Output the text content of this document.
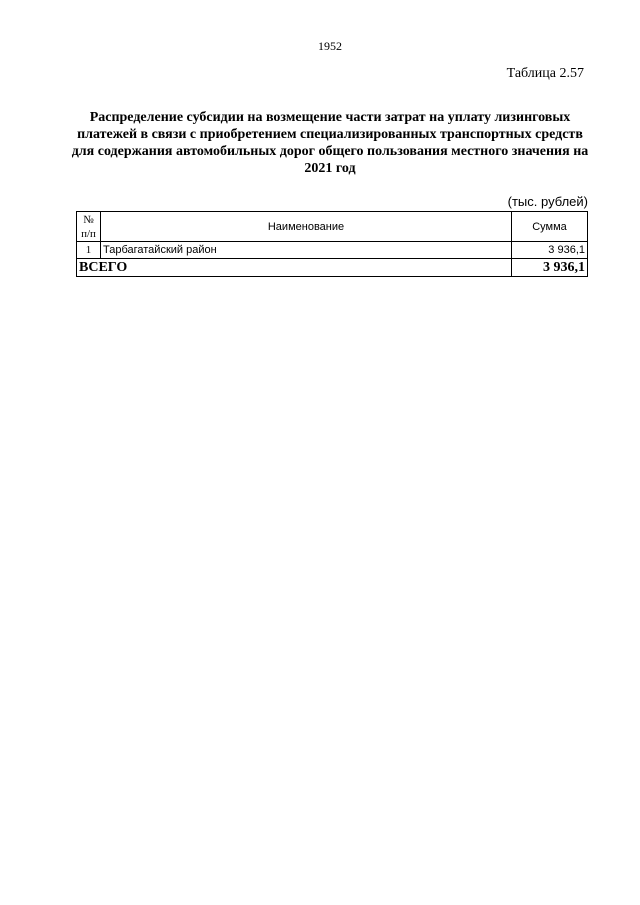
1952
Таблица 2.57
Распределение субсидии на возмещение части затрат на уплату лизинговых платежей в связи с приобретением специализированных транспортных средств для содержания автомобильных дорог общего пользования местного значения на 2021 год
(тыс. рублей)
№
п/п	Наименование	Сумма
1	Тарбагатайский район	3 936,1
ВСЕГО		3 936,1
